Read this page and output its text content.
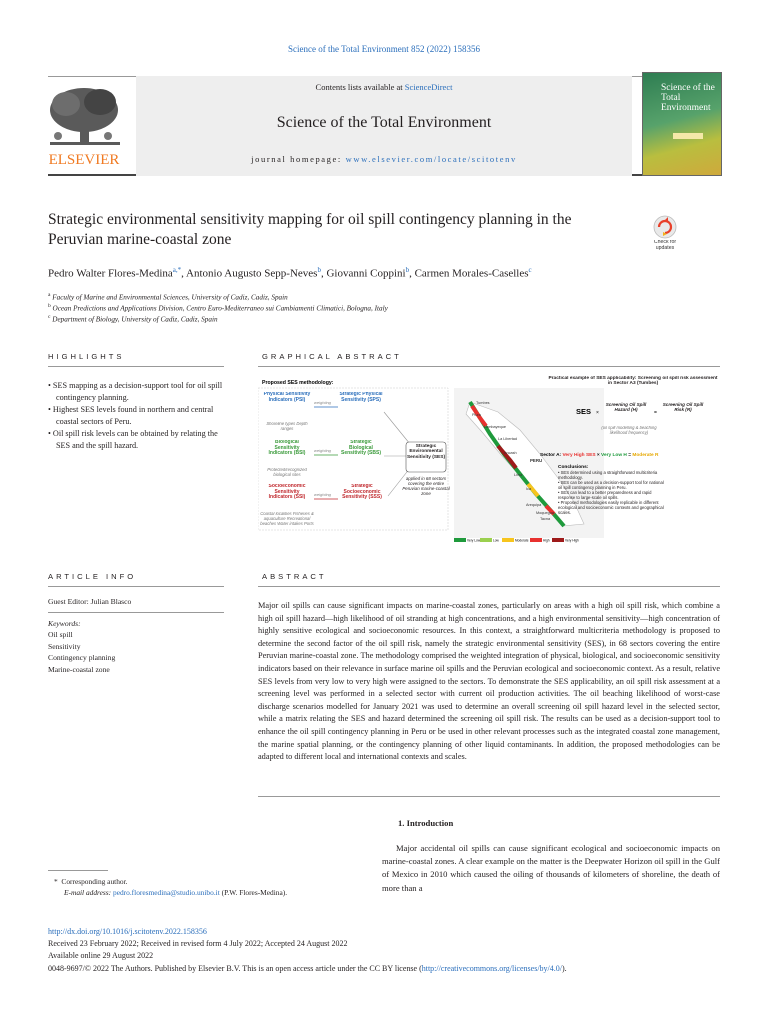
Science of the Total Environment 852 (2022) 158356
ELSEVIER
Contents lists available at ScienceDirect
Science of the Total Environment
journal homepage: www.elsevier.com/locate/scitotenv
Science of the Total Environment
Strategic environmental sensitivity mapping for oil spill contingency planning in the Peruvian marine-coastal zone	Check for updates
Pedro Walter Flores-Medina$^{a,*}$, Antonio Augusto Sepp-Neves$^b$, Giovanni Coppini$^b$, Carmen Morales-Caselles$^c$
$^a$ Faculty of Marine and Environmental Sciences, University of Cadiz, Cadiz, Spain
$^b$ Ocean Predictions and Applications Division, Centro Euro-Mediterraneo sui Cambiamenti Climatici, Bologna, Italy
$^c$ Department of Biology, University of Cadiz, Cadiz, Spain
HIGHLIGHTS
• SES mapping as a decision-support tool for oil spill contingency planning.
• Highest SES levels found in northern and central coastal sectors of Peru.
• Oil spill risk levels can be obtained by relating the SES and the spill hazard.
GRAPHICAL ABSTRACT
Proposed SES methodology:
Physical Sensitivity Indicators (PSI)
Shoreline types Depth ranges
weighting
Strategic Physical Sensitivity (SPS)
Biological Sensitivity Indicators (BSI)
Protected/recognized biological sites
weighting
Strategic Biological Sensitivity (SBS)
Socioeconomic Sensitivity Indicators (SSI)
Coastal localities Fisheries & aquaculture Recreational beaches Water intakes Ports
weighting
Strategic Socioeconomic Sensitivity (SSS)
Strategic Environmental Sensitivity (SES)
applied in 68 sectors covering the entire Peruvian marine-coastal zone
Tumbes
Piura
Lambayeque
La Libertad
Ancash
PERU
Lima
Ica
Arequipa
Moquegua
Tacna
Very Low	Low	Moderate	High	Very High
Practical example of SES applicability: Screening oil spill risk assessment in Sector A3 (Tumbes)
SES ×	=
Screening Oil Spill Hazard (H)
Screening Oil Spill Risk (R)
(oil spill modelling & beaching likelihood frequency)
Sector A: Very High SES × Very Low H = Moderate R
Conclusions:
• SES determined using a straightforward multicriteria methodology.
• SES can be used as a decision-support tool for national oil spill contingency planning in Peru.
• SES can lead to a better preparedness and rapid response to large-scale oil spills.
• Proposed methodologies easily replicable in different ecological and socioeconomic contexts and geographical scales.
ARTICLE INFO
Guest Editor: Julian Blasco
Keywords:
Oil spill
Sensitivity
Contingency planning
Marine-coastal zone
ABSTRACT
Major oil spills can cause significant impacts on marine-coastal zones, particularly on areas with a high oil spill risk, which combine a high oil spill hazard—high likelihood of oil stranding at high concentrations, and a high environmental sensitivity—high concentration of highly sensitive ecological and socioeconomic resources. In this context, a straightforward multicriteria methodology is proposed to determine the second factor of the oil spill risk, namely the strategic environmental sensitivity (SES), in 68 sectors covering the entire Peruvian marine-coastal zone. The methodology comprised the weighted integration of physical, biological, and socioeconomic sensitivity indicators based on their relevance in surface marine oil spills and the Peruvian ecological and socioeconomic context. As a result, relative SES levels from very low to very high were assigned to the sectors. To demonstrate the SES applicability, an oil spill risk assessment at a screening level was performed in a selected sector with current oil production activities. The oil beaching likelihood of worst-case discharge scenarios modelled for January 2021 was used to determine an overall screening oil spill hazard level in the selected sector, while a matrix relating the SES and hazard determined the screening oil spill risk. The results can be used as a decision-support tool to enhance the oil spill contingency planning in Peru or be used in other relevant processes such as the integrated coastal zone management, the marine spatial planning, or the contingency planning of other liquid contaminants. In addition, the proposed methodologies can be adapted to different local and international contexts and scales.
1. Introduction
Major accidental oil spills can cause significant ecological and socioeconomic impacts on marine-coastal zones. A clear example on the matter is the Deepwater Horizon oil spill in the Gulf of Mexico in 2010 which caused the oiling of thousands of kilometers of shoreline, the death of more than a
* Corresponding author.
E-mail address: pedro.floresmedina@studio.unibo.it (P.W. Flores-Medina).
http://dx.doi.org/10.1016/j.scitotenv.2022.158356
Received 23 February 2022; Received in revised form 4 July 2022; Accepted 24 August 2022
Available online 29 August 2022
0048-9697/© 2022 The Authors. Published by Elsevier B.V. This is an open access article under the CC BY license (http://creativecommons.org/licenses/by/4.0/).
